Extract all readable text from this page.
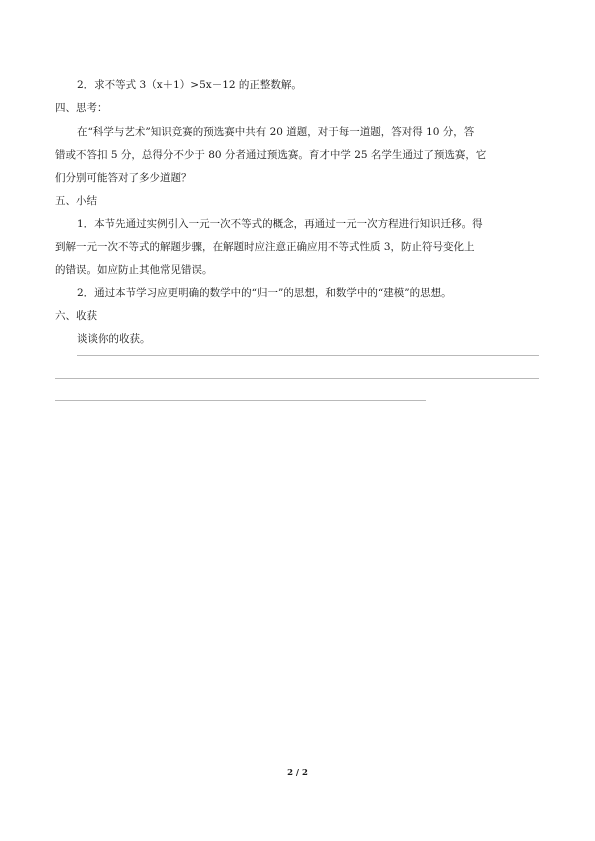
2．求不等式 3（x＋1）>5x－12 的正整数解。
四、思考：
在“科学与艺术”知识竞赛的预选赛中共有 20 道题，对于每一道题，答对得 10 分，答
错或不答扣 5 分，总得分不少于 80 分者通过预选赛。育才中学 25 名学生通过了预选赛，它
们分别可能答对了多少道题？
五、小结
1．本节先通过实例引入一元一次不等式的概念，再通过一元一次方程进行知识迁移。得
到解一元一次不等式的解题步骤，在解题时应注意正确应用不等式性质 3，防止符号变化上
的错误。如应防止其他常见错误。
2．通过本节学习应更明确的数学中的“归一”的思想，和数学中的“建模”的思想。
六、收获
谈谈你的收获。
2 / 2
